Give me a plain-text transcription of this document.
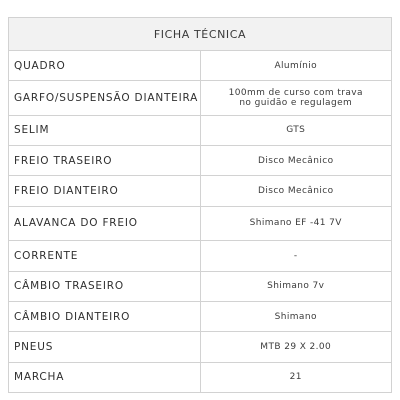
FICHA TÉCNICA	
QUADRO	Alumínio

GARFO/SUSPENSÃO DIANTEIRA	100mm de curso com trava
no guidão e regulagem

SELIM	GTS

FREIO TRASEIRO	Disco Mecânico

FREIO DIANTEIRO	Disco Mecânico

ALAVANCA DO FREIO	Shimano EF -41 7V

CORRENTE	-

CÂMBIO TRASEIRO	Shimano 7v

CÂMBIO DIANTEIRO	Shimano

PNEUS	MTB 29 X 2.00

MARCHA	21
